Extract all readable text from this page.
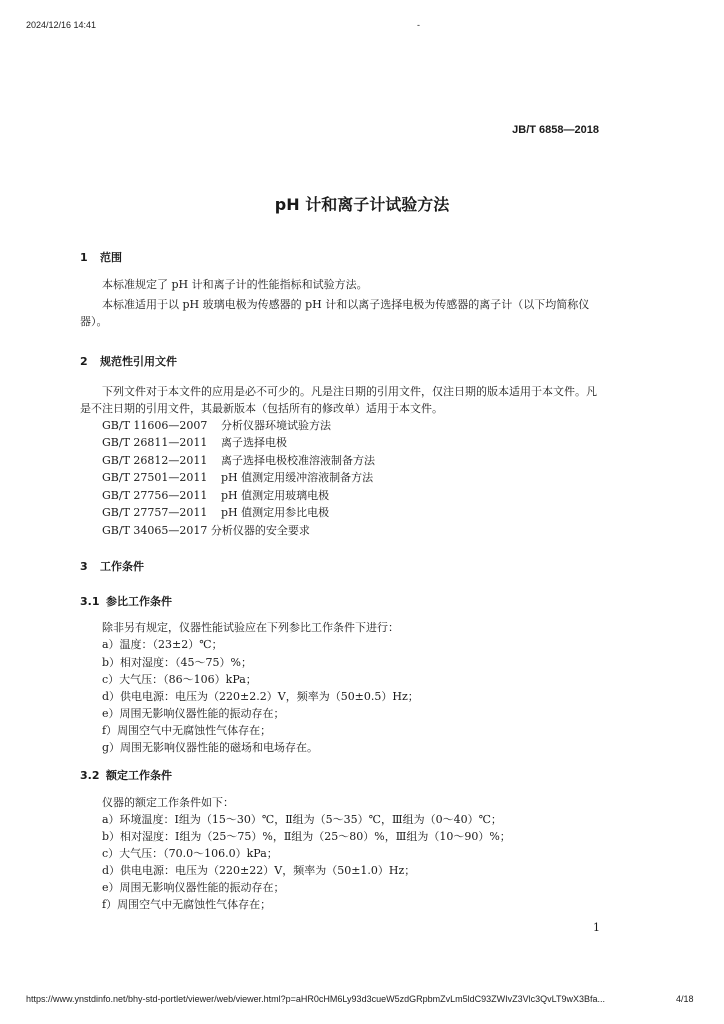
2024/12/16 14:41	-
JB/T 6858—2018
pH 计和离子计试验方法
1 范围
本标准规定了 pH 计和离子计的性能指标和试验方法。
本标准适用于以 pH 玻璃电极为传感器的 pH 计和以离子选择电极为传感器的离子计（以下均简称仪器）。
2 规范性引用文件
下列文件对于本文件的应用是必不可少的。凡是注日期的引用文件，仅注日期的版本适用于本文件。凡是不注日期的引用文件，其最新版本（包括所有的修改单）适用于本文件。
GB/T 11606—2007 分析仪器环境试验方法
GB/T 26811—2011 离子选择电极
GB/T 26812—2011 离子选择电极校准溶液制备方法
GB/T 27501—2011 pH 值测定用缓冲溶液制备方法
GB/T 27756—2011 pH 值测定用玻璃电极
GB/T 27757—2011 pH 值测定用参比电极
GB/T 34065—2017 分析仪器的安全要求
3 工作条件
3.1 参比工作条件
除非另有规定，仪器性能试验应在下列参比工作条件下进行：
a）温度：（23±2）℃；
b）相对湿度：（45～75）%；
c）大气压：（86～106）kPa；
d）供电电源：电压为（220±2.2）V，频率为（50±0.5）Hz；
e）周围无影响仪器性能的振动存在；
f）周围空气中无腐蚀性气体存在；
g）周围无影响仪器性能的磁场和电场存在。
3.2 额定工作条件
仪器的额定工作条件如下：
a）环境温度：Ⅰ组为（15～30）℃，Ⅱ组为（5～35）℃，Ⅲ组为（0～40）℃；
b）相对湿度：Ⅰ组为（25～75）%，Ⅱ组为（25～80）%，Ⅲ组为（10～90）%；
c）大气压：（70.0～106.0）kPa；
d）供电电源：电压为（220±22）V，频率为（50±1.0）Hz；
e）周围无影响仪器性能的振动存在；
f）周围空气中无腐蚀性气体存在；
1
https://www.ynstdinfo.net/bhy-std-portlet/viewer/web/viewer.html?p=aHR0cHM6Ly93d3cueW5zdGRpbmZvLm5ldC93ZWIvZ3Vlc3QvLT9wX3Bfa...	4/18
